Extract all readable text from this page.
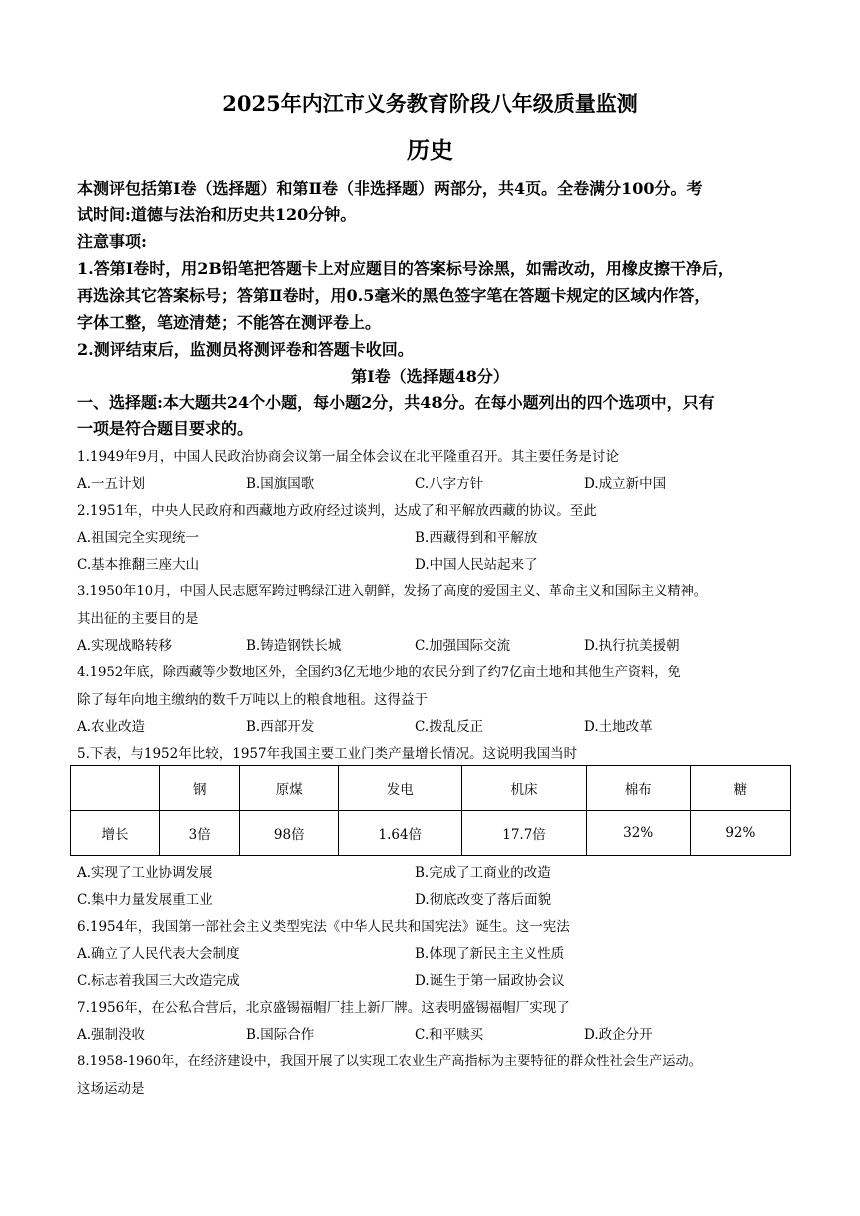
2025年内江市义务教育阶段八年级质量监测
历史
本测评包括第Ⅰ卷（选择题）和第Ⅱ卷（非选择题）两部分，共4页。全卷满分100分。考
试时间:道德与法治和历史共120分钟。
注意事项:
1.答第Ⅰ卷时，用2B铅笔把答题卡上对应题目的答案标号涂黑，如需改动，用橡皮擦干净后，
再选涂其它答案标号；答第Ⅱ卷时，用0.5毫米的黑色签字笔在答题卡规定的区域内作答，
字体工整，笔迹清楚；不能答在测评卷上。
2.测评结束后，监测员将测评卷和答题卡收回。
第Ⅰ卷（选择题48分）
一、选择题:本大题共24个小题，每小题2分，共48分。在每小题列出的四个选项中，只有
一项是符合题目要求的。
1.1949年9月，中国人民政治协商会议第一届全体会议在北平隆重召开。其主要任务是讨论
A.一五计划	B.国旗国歌	C.八字方针	D.成立新中国
2.1951年，中央人民政府和西藏地方政府经过谈判，达成了和平解放西藏的协议。至此
A.祖国完全实现统一	B.西藏得到和平解放
C.基本推翻三座大山	D.中国人民站起来了
3.1950年10月，中国人民志愿军跨过鸭绿江进入朝鲜，发扬了高度的爱国主义、革命主义和国际主义精神。
其出征的主要目的是
A.实现战略转移	B.铸造钢铁长城	C.加强国际交流	D.执行抗美援朝
4.1952年底，除西藏等少数地区外，全国约3亿无地少地的农民分到了约7亿亩土地和其他生产资料，免
除了每年向地主缴纳的数千万吨以上的粮食地租。这得益于
A.农业改造	B.西部开发	C.拨乱反正	D.土地改革
5.下表，与1952年比较，1957年我国主要工业门类产量增长情况。这说明我国当时
	钢	原煤	发电	机床	棉布	糖
增长	3倍	98倍	1.64倍	17.7倍	32%	92%
A.实现了工业协调发展	B.完成了工商业的改造
C.集中力量发展重工业	D.彻底改变了落后面貌
6.1954年，我国第一部社会主义类型宪法《中华人民共和国宪法》诞生。这一宪法
A.确立了人民代表大会制度	B.体现了新民主主义性质
C.标志着我国三大改造完成	D.诞生于第一届政协会议
7.1956年，在公私合营后，北京盛锡福帽厂挂上新厂牌。这表明盛锡福帽厂实现了
A.强制没收	B.国际合作	C.和平赎买	D.政企分开
8.1958-1960年，在经济建设中，我国开展了以实现工农业生产高指标为主要特征的群众性社会生产运动。
这场运动是
